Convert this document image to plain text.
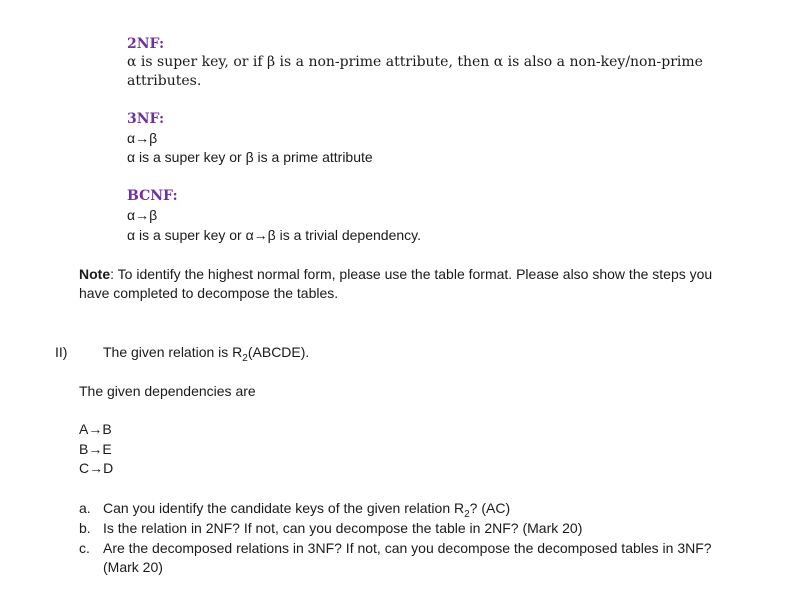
2NF:
α is super key, or if β is a non-prime attribute, then α is also a non-key/non-prime
attributes.
3NF:
α→β
α is a super key or β is a prime attribute
BCNF:
α→β
α is a super key or α→β is a trivial dependency.
Note: To identify the highest normal form, please use the table format. Please also show the steps you
have completed to decompose the tables.
II)	The given relation is $R_2(ABCDE)$.
The given dependencies are
A→B
B→E
C→D
a. Can you identify the candidate keys of the given relation $R_2$? (AC)
b. Is the relation in 2NF? If not, can you decompose the table in 2NF? (Mark 20)
c. Are the decomposed relations in 3NF? If not, can you decompose the decomposed tables in 3NF?
(Mark 20)
